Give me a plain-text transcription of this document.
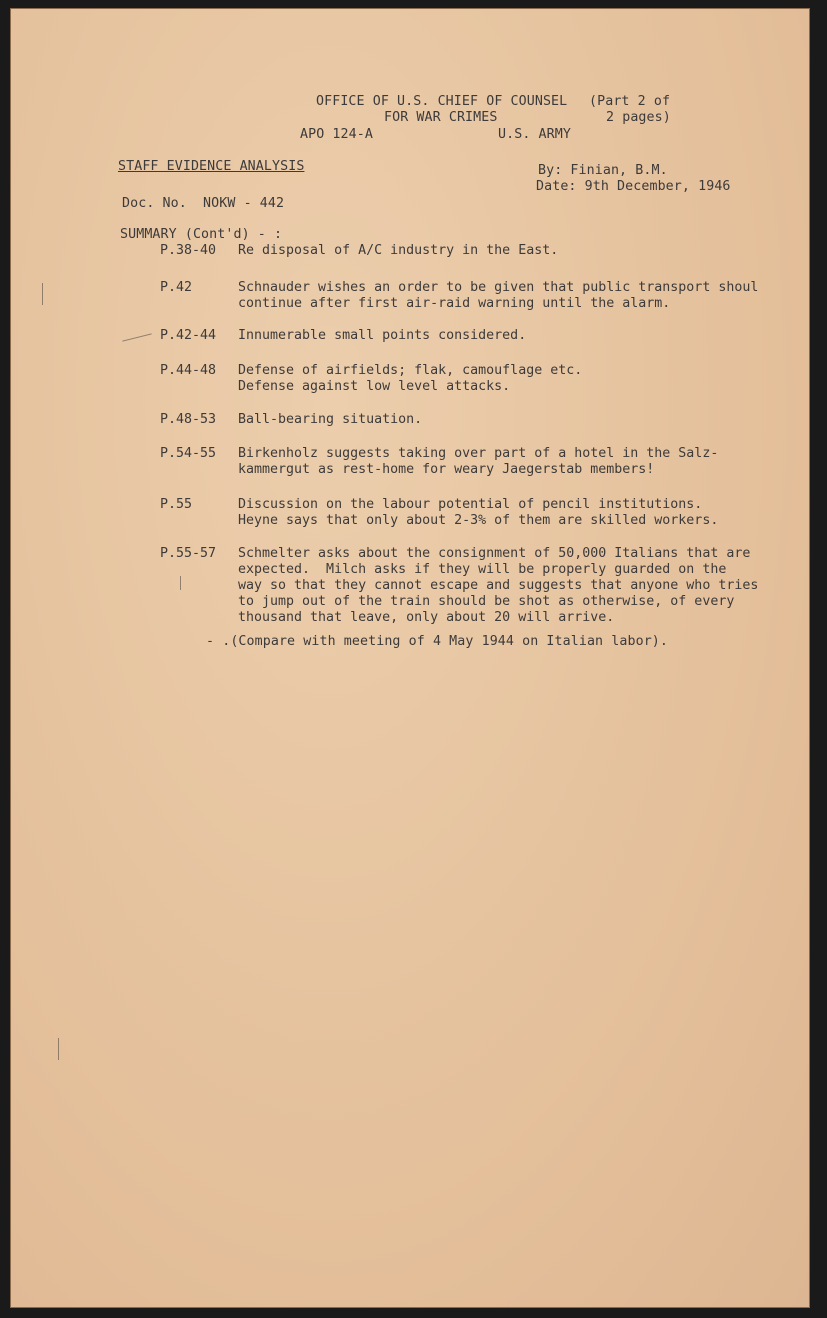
OFFICE OF U.S. CHIEF OF COUNSEL (Part 2 of
FOR WAR CRIMES	2 pages)
APO 124-A	U.S. ARMY
STAFF EVIDENCE ANALYSIS	By: Finian, B.M.
Date: 9th December, 1946
Doc. No.  NOKW - 442
SUMMARY (Cont'd) - :
P.38-40 Re disposal of A/C industry in the East.
P.42	Schnauder wishes an order to be given that public transport shoul
continue after first air-raid warning until the alarm.
P.42-44 Innumerable small points considered.
P.44-48 Defense of airfields; flak, camouflage etc.
Defense against low level attacks.
P.48-53 Ball-bearing situation.
P.54-55 Birkenholz suggests taking over part of a hotel in the Salz-
kammergut as rest-home for weary Jaegerstab members!
P.55	Discussion on the labour potential of pencil institutions.
Heyne says that only about 2-3% of them are skilled workers.
P.55-57 Schmelter asks about the consignment of 50,000 Italians that are
expected.  Milch asks if they will be properly guarded on the
way so that they cannot escape and suggests that anyone who tries
to jump out of the train should be shot as otherwise, of every
thousand that leave, only about 20 will arrive.
- .(Compare with meeting of 4 May 1944 on Italian labor).
